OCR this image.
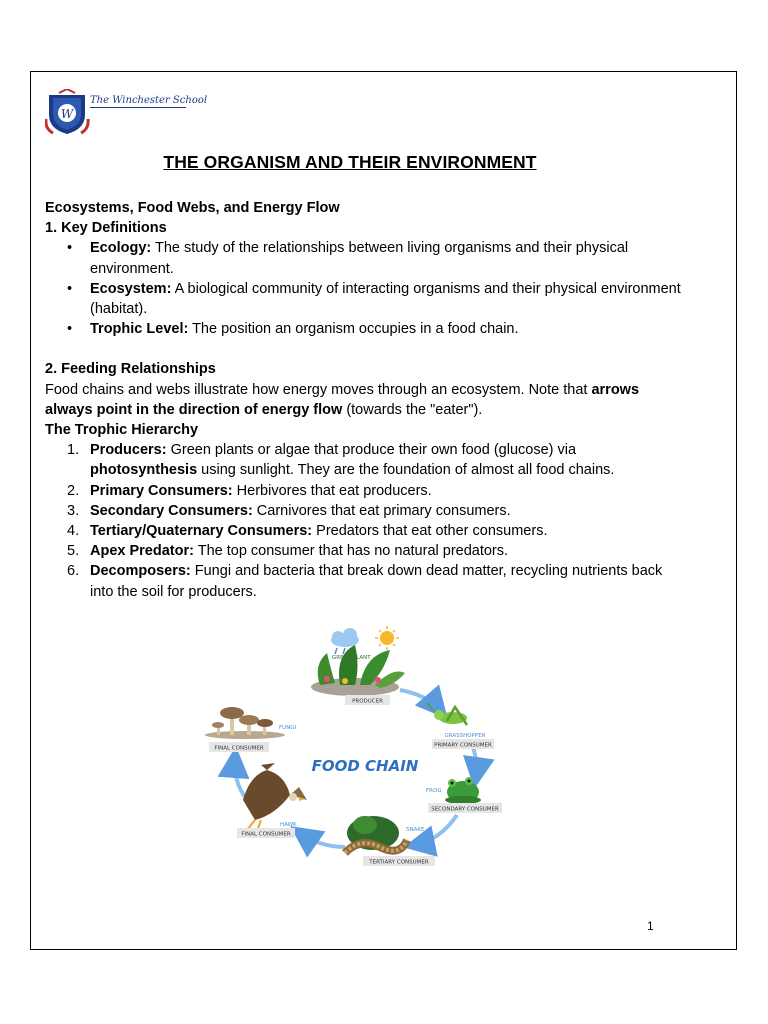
W
The Winchester School
THE ORGANISM AND THEIR ENVIRONMENT

Ecosystems, Food Webs, and Energy Flow

1. Key Definitions

• Ecology: The study of the relationships between living organisms and their physical environment.
• Ecosystem: A biological community of interacting organisms and their physical environment (habitat).
• Trophic Level: The position an organism occupies in a food chain.

2. Feeding Relationships

Food chains and webs illustrate how energy moves through an ecosystem. Note that arrows always point in the direction of energy flow (towards the "eater").

The Trophic Hierarchy

1. Producers: Green plants or algae that produce their own food (glucose) via photosynthesis using sunlight. They are the foundation of almost all food chains.
2. Primary Consumers: Herbivores that eat producers.
3. Secondary Consumers: Carnivores that eat primary consumers.
4. Tertiary/Quaternary Consumers: Predators that eat other consumers.
5. Apex Predator: The top consumer that has no natural predators.
6. Decomposers: Fungi and bacteria that break down dead matter, recycling nutrients back into the soil for producers.
GREEN PLANT
PRODUCER
GRASSHOPPER
PRIMARY CONSUMER
FROG
SECONDARY CONSUMER
SNAKE
TERTIARY CONSUMER
HAWK
FINAL CONSUMER
FUNGI
FINAL CONSUMER
FOOD CHAIN
1
